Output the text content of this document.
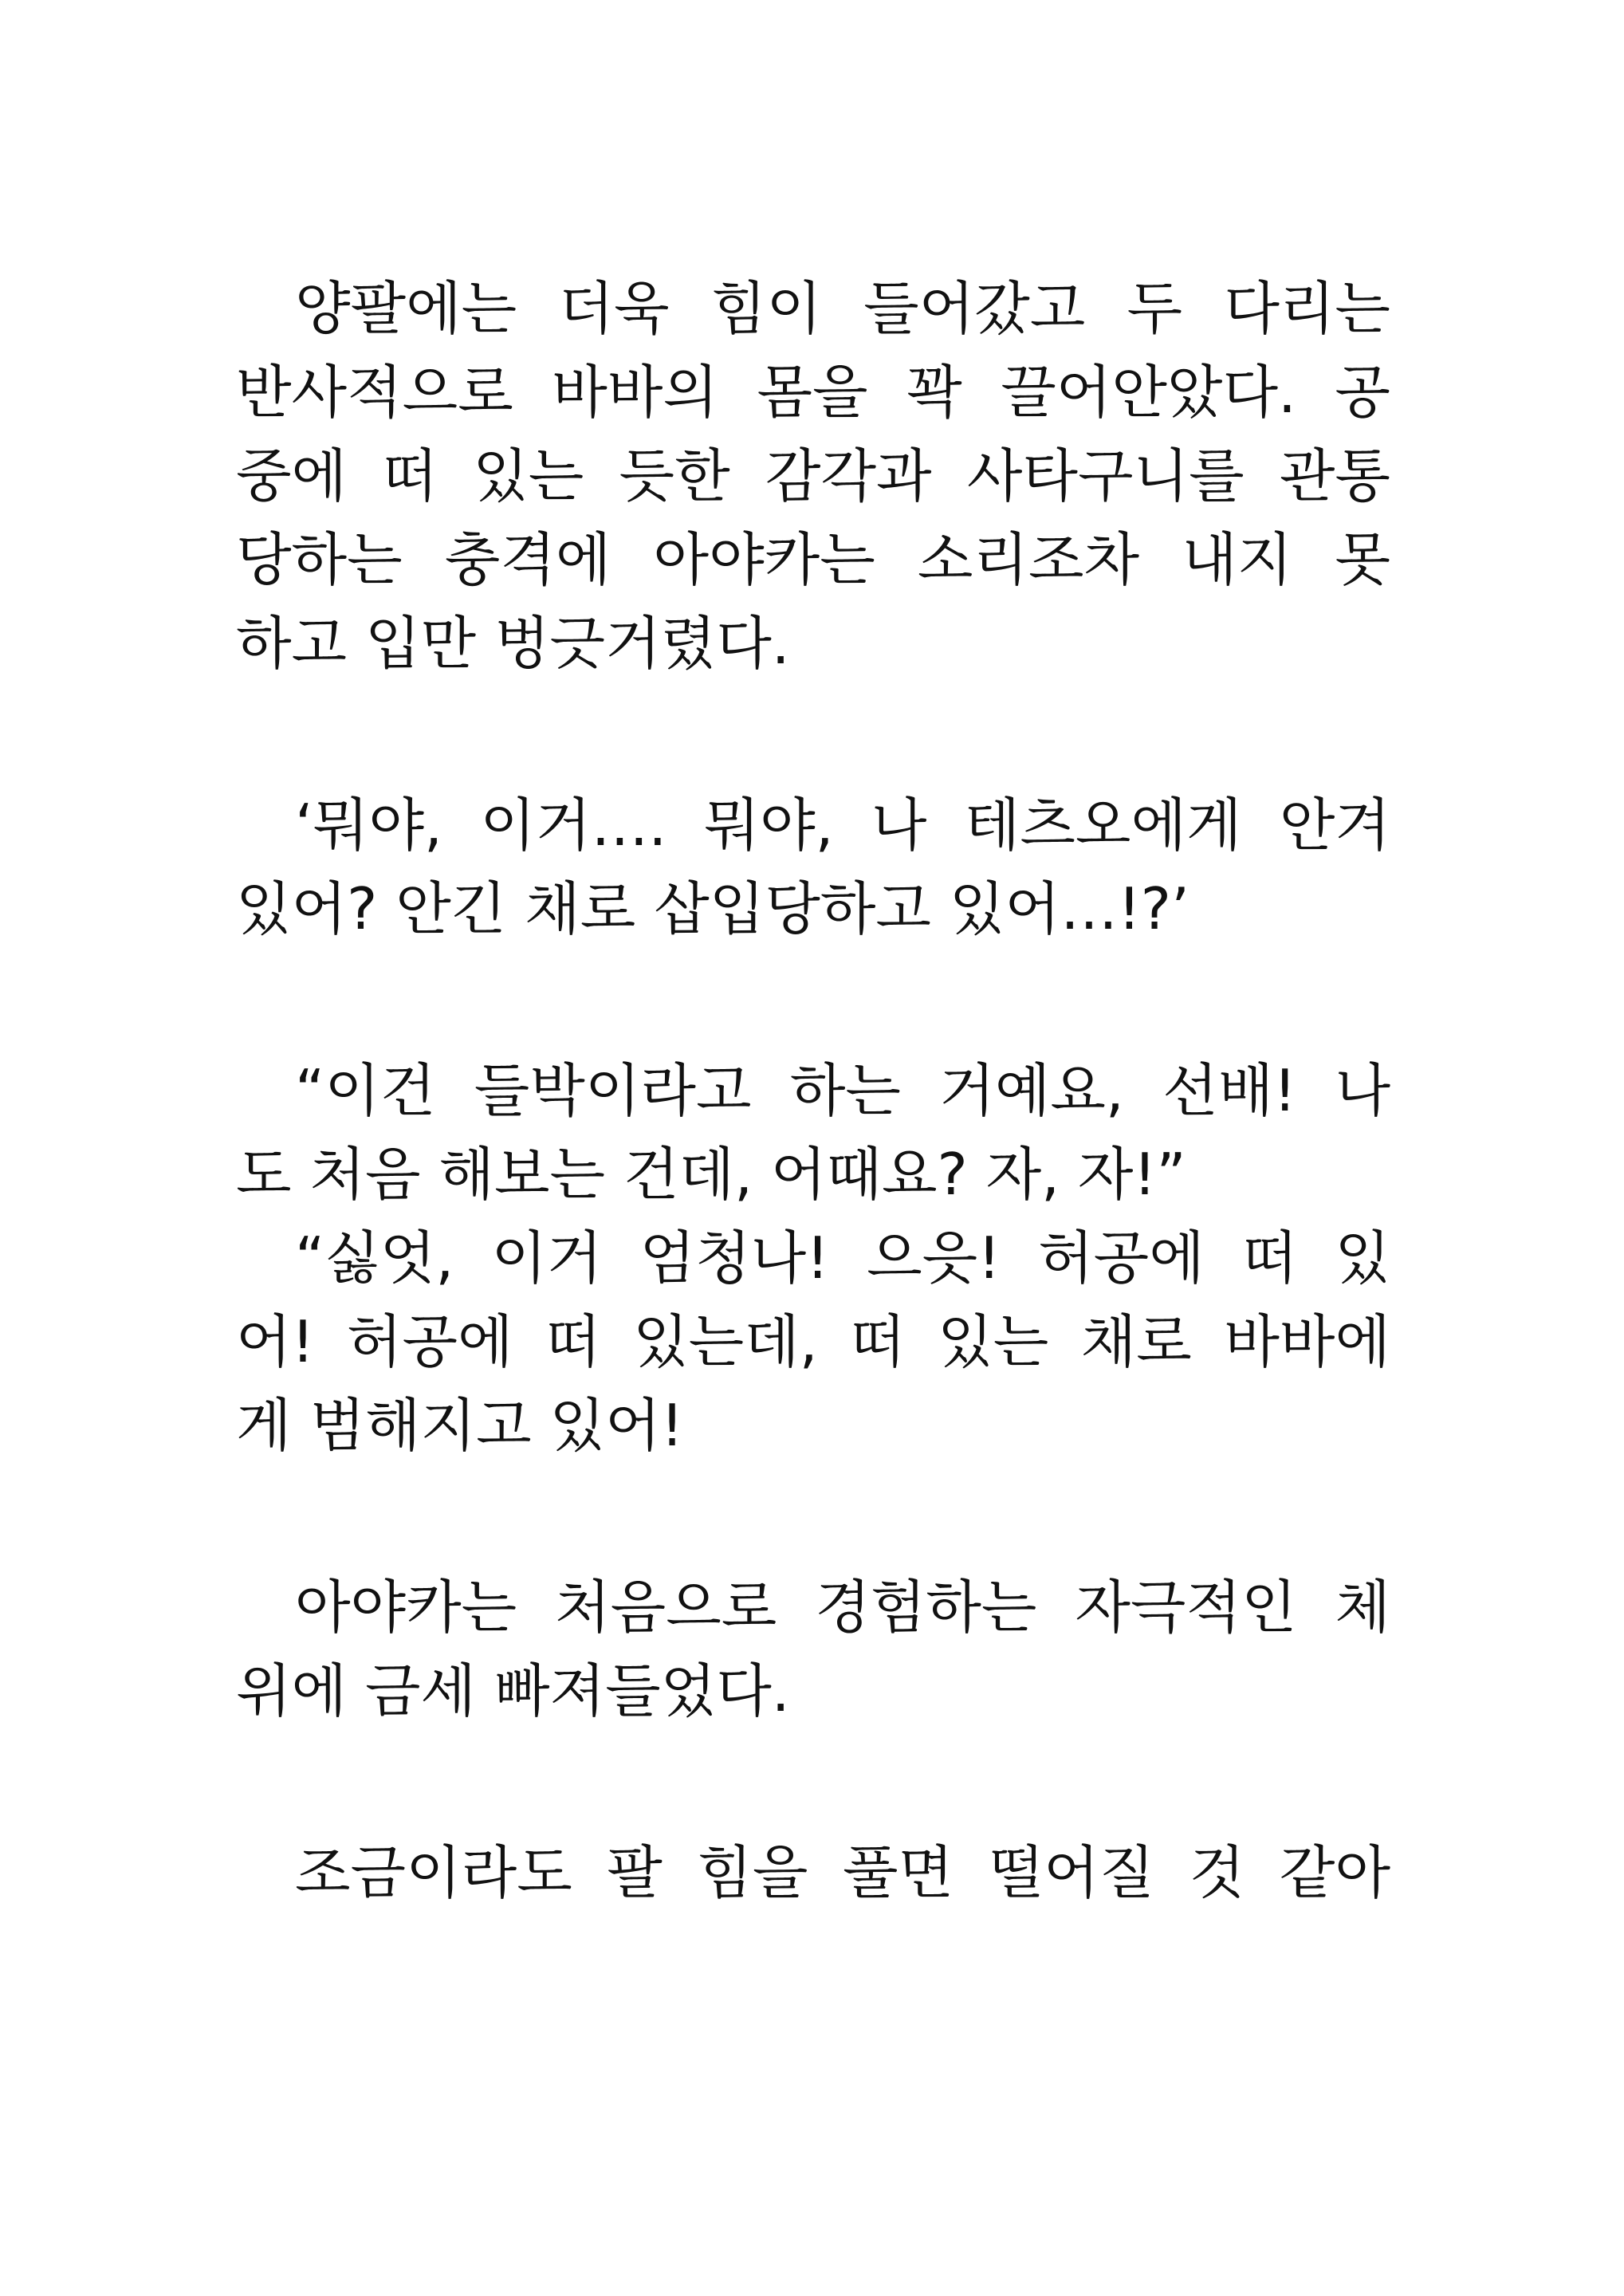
양팔에는 더욱 힘이 들어갔고 두 다리는
반사적으로 바바의 몸을 꽉 끌어안았다. 공
중에 떠 있는 듯한 감각과 사타구니를 관통
당하는 충격에 아야카는 소리조차 내지 못
하고 입만 벙긋거렸다.
‘뭐야, 이거…. 뭐야, 나 테츠오에게 안겨
있어? 안긴 채로 삽입당하고 있어…!?’
“이건 들박이라고 하는 거예요, 선배! 나
도 처음 해보는 건데, 어때요? 자, 자!”
“싫엇, 이거 엄청나! 으읏! 허공에 떠 있
어! 허공에 떠 있는데, 떠 있는 채로 바바에
게 범해지고 있어!
아야카는 처음으로 경험하는 자극적인 체
위에 금세 빠져들었다.
조금이라도 팔 힘을 풀면 떨어질 것 같아
